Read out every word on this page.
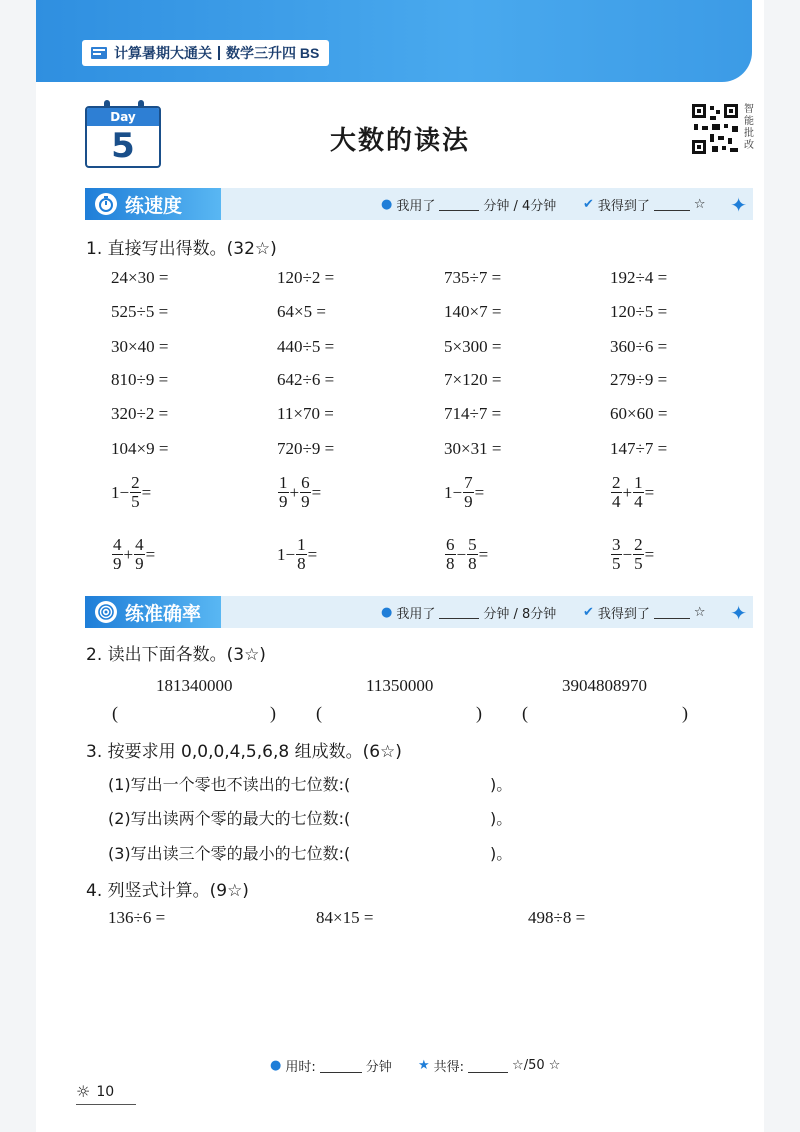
计算暑期大通关 数学三升四 BS
Day
5	大数的读法
智能批改
练速度	● 我用了	分钟 / 4分钟 ✔ 我得到了	☆ ✦
1. 直接写出得数。(32☆)
24×30 =	120÷2 =	735÷7 =	192÷4 =
525÷5 =	64×5 =	140×7 =	120÷5 =
30×40 =	440÷5 =	5×300 =	360÷6 =
810÷9 =	642÷6 =	7×120 =	279÷9 =
320÷2 =	11×70 =	714÷7 =	60×60 =
104×9 =	720÷9 =	30×31 =	147÷7 =
$1 - \frac{2}{5}$ =	$\frac{1}{9} + \frac{6}{9}$ =	$1 - \frac{7}{9}$ =	$\frac{2}{4} + \frac{1}{4}$ =
$\frac{4}{9} + \frac{4}{9}$ =	$1 - \frac{1}{8}$ =	$\frac{6}{8} - \frac{5}{8}$ =	$\frac{3}{5} - \frac{2}{5}$ =
练准确率	● 我用了	分钟 / 8分钟 ✔ 我得到了	☆ ✦
2. 读出下面各数。(3☆)
181340000	11350000	3904808970
(	) (	) (	)
3. 按要求用 0,0,0,4,5,6,8 组成数。(6☆)
(1)写出一个零也不读出的七位数:(	)。
(2)写出读两个零的最大的七位数:(	)。
(3)写出读三个零的最小的七位数:(	)。
4. 列竖式计算。(9☆)
136÷6 =	84×15 =	498÷8 =
● 用时:	分钟 ★ 共得:	☆/50 ☆
☼ 10
